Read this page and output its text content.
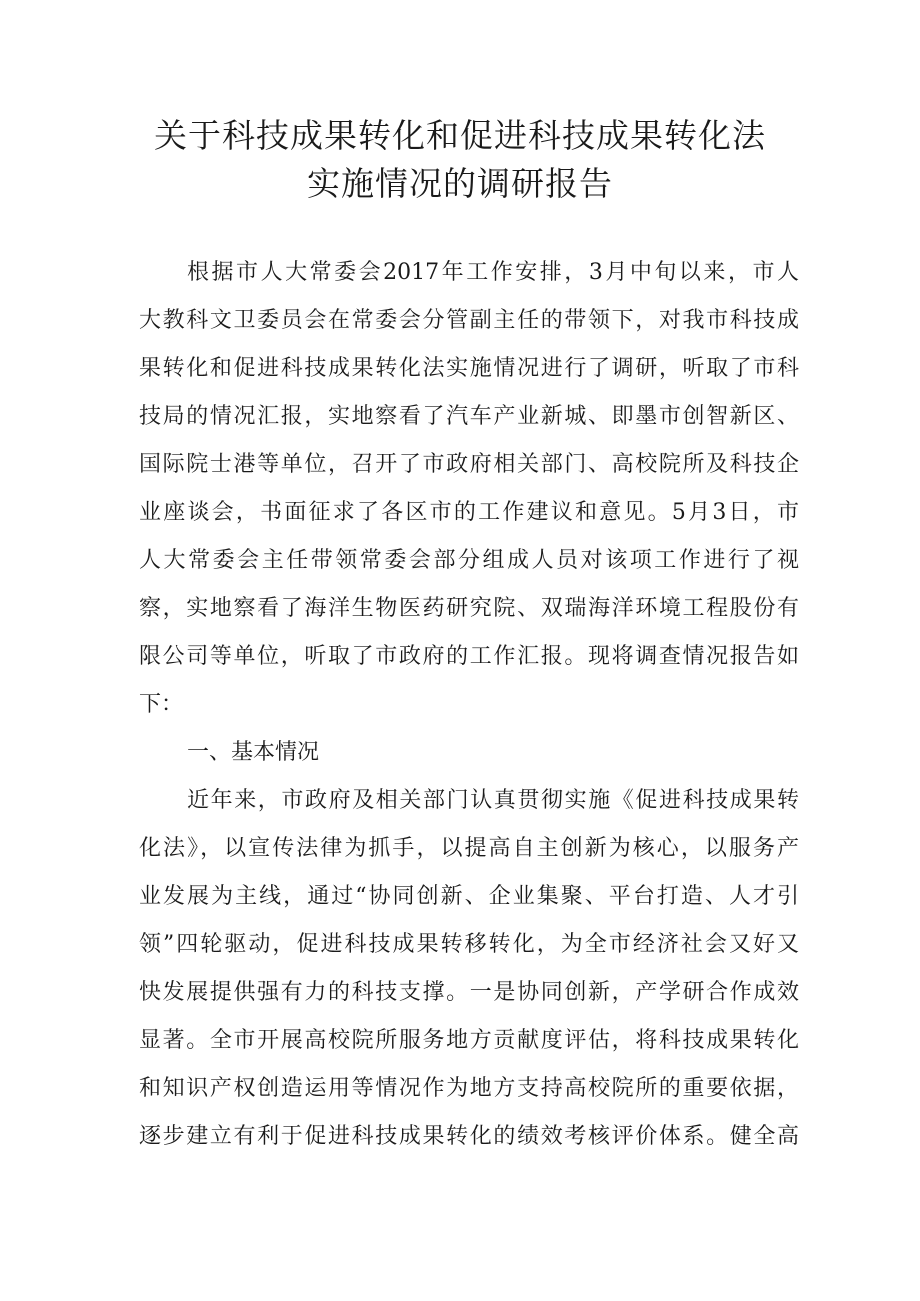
关于科技成果转化和促进科技成果转化法
实施情况的调研报告
根据市人大常委会2017年工作安排，3月中旬以来，市人
大教科文卫委员会在常委会分管副主任的带领下，对我市科技成
果转化和促进科技成果转化法实施情况进行了调研，听取了市科
技局的情况汇报，实地察看了汽车产业新城、即墨市创智新区、
国际院士港等单位，召开了市政府相关部门、高校院所及科技企
业座谈会，书面征求了各区市的工作建议和意见。5月3日，市
人大常委会主任带领常委会部分组成人员对该项工作进行了视
察，实地察看了海洋生物医药研究院、双瑞海洋环境工程股份有
限公司等单位，听取了市政府的工作汇报。现将调查情况报告如
下：
一、基本情况
近年来，市政府及相关部门认真贯彻实施《促进科技成果转
化法》，以宣传法律为抓手，以提高自主创新为核心，以服务产
业发展为主线，通过“协同创新、企业集聚、平台打造、人才引
领”四轮驱动，促进科技成果转移转化，为全市经济社会又好又
快发展提供强有力的科技支撑。一是协同创新，产学研合作成效
显著。全市开展高校院所服务地方贡献度评估，将科技成果转化
和知识产权创造运用等情况作为地方支持高校院所的重要依据，
逐步建立有利于促进科技成果转化的绩效考核评价体系。健全高
